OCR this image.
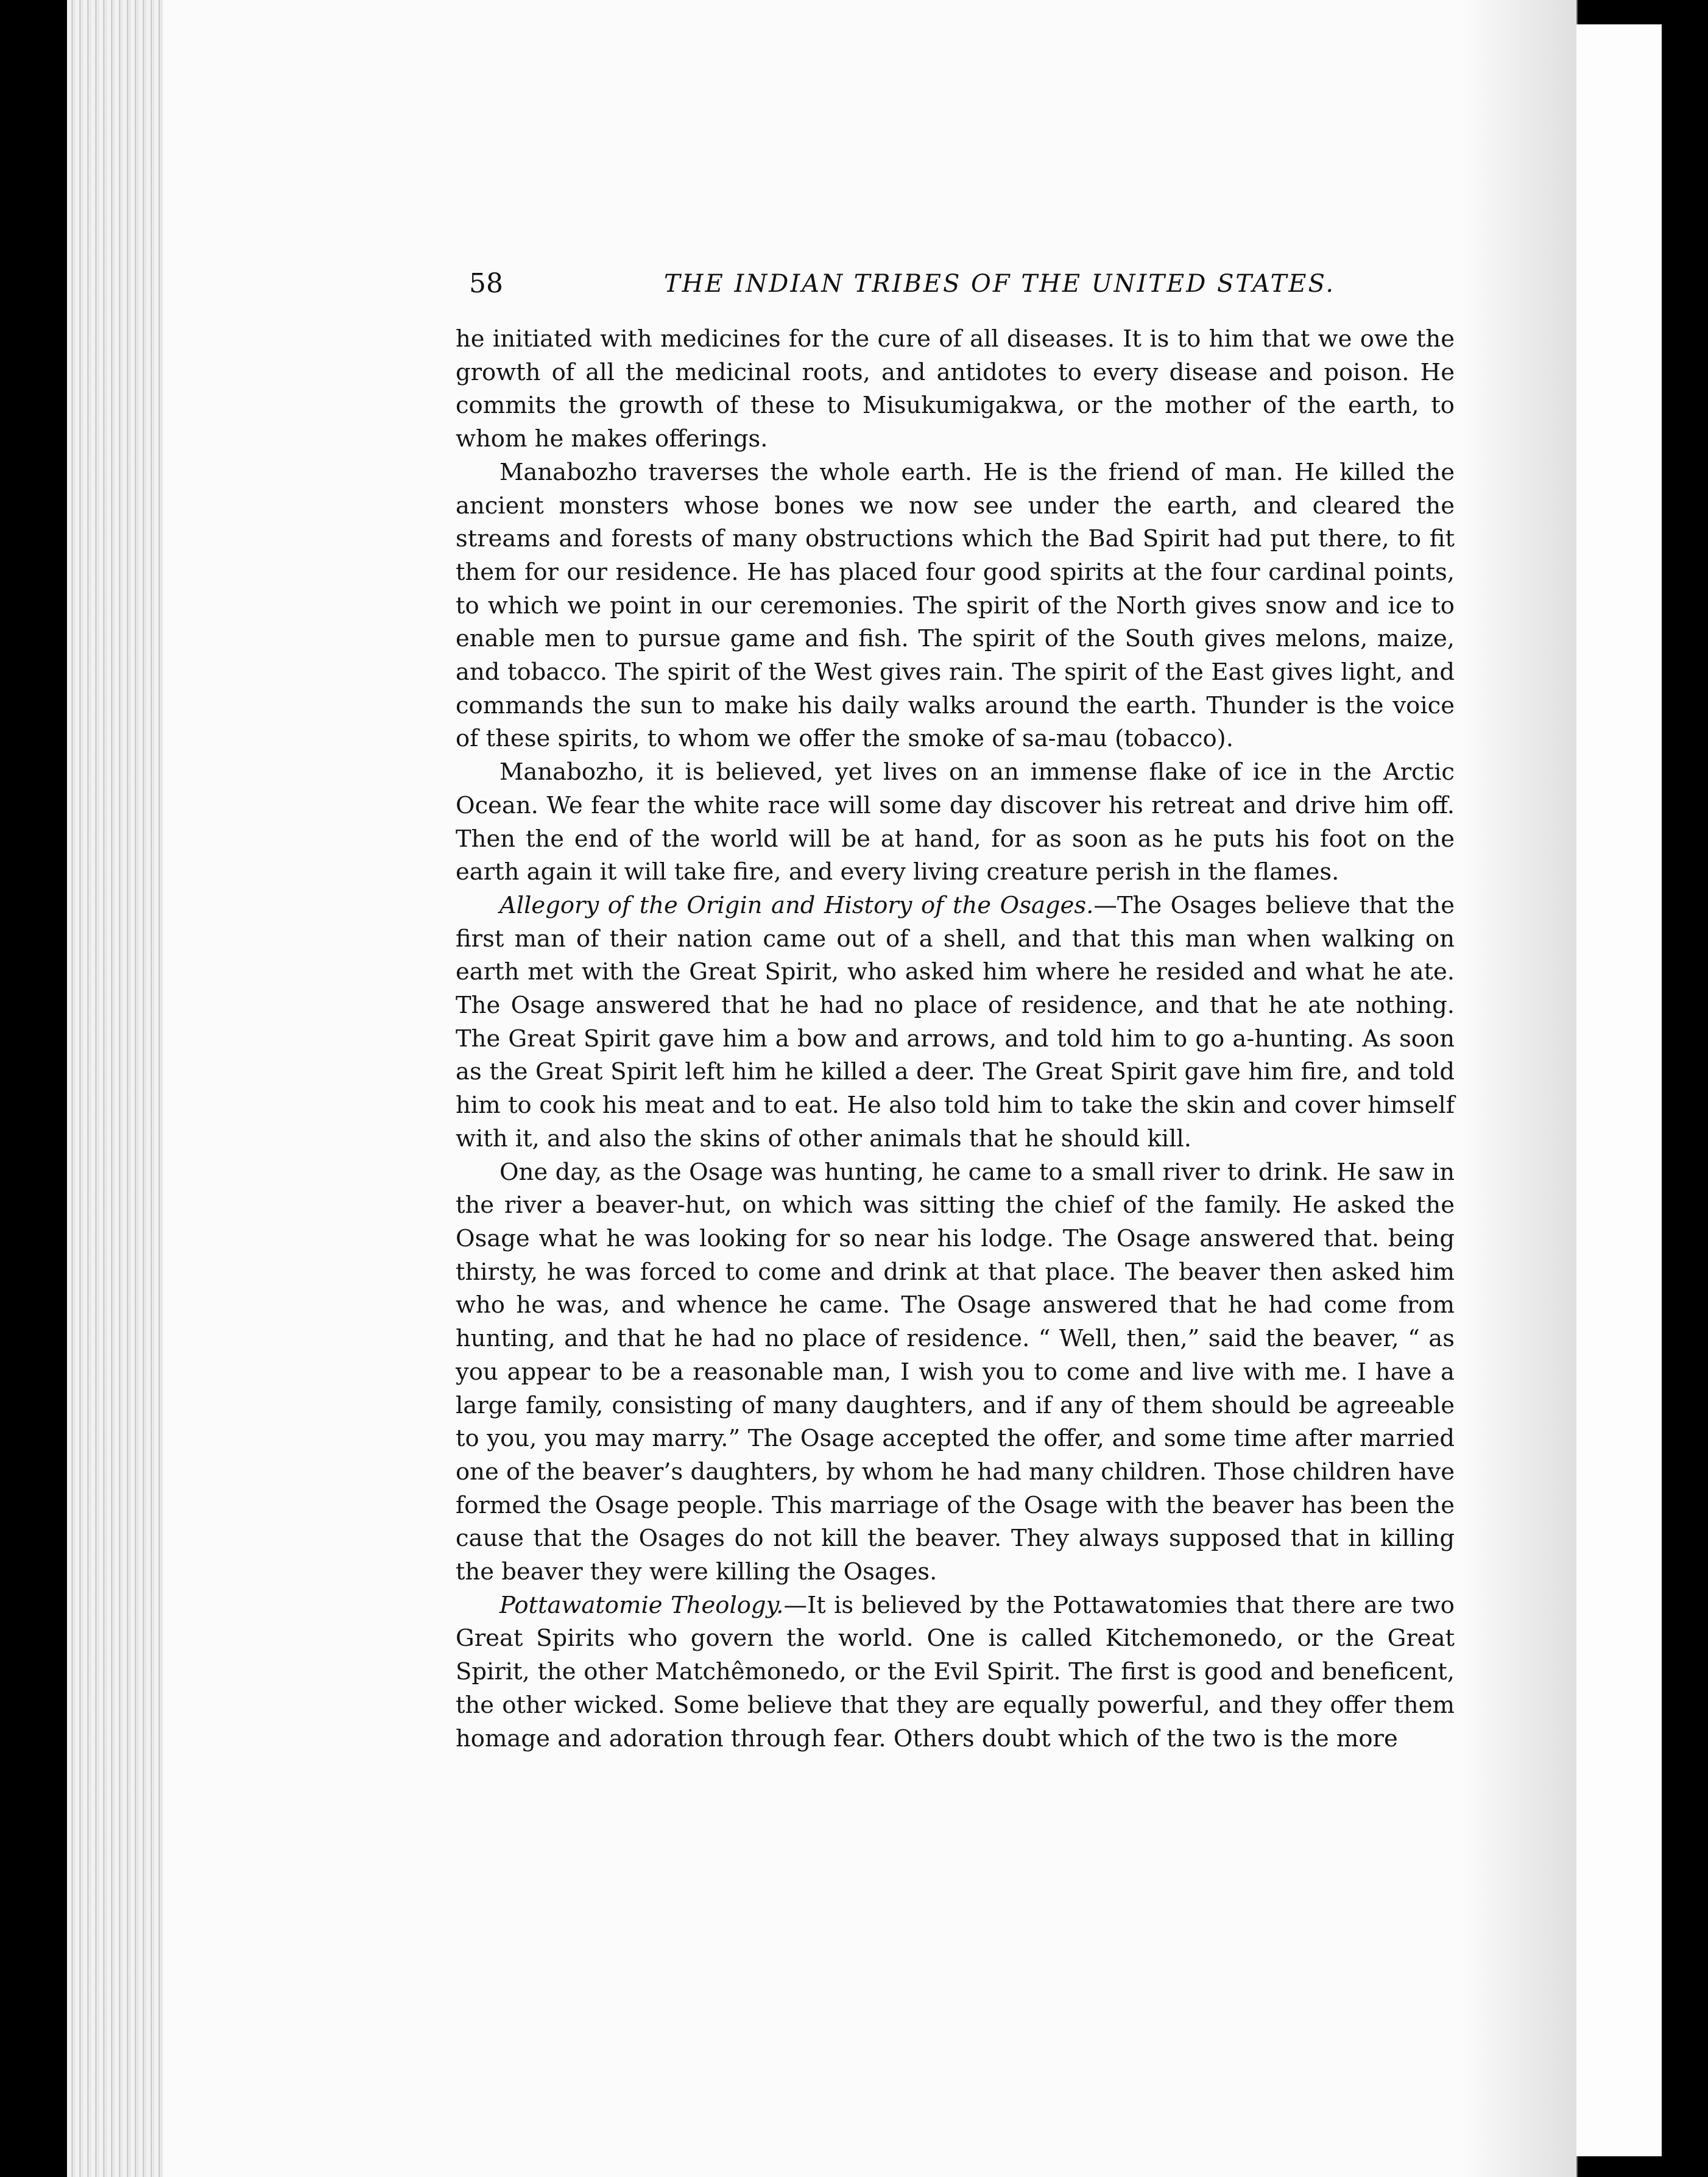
58	THE INDIAN TRIBES OF THE UNITED STATES.

he initiated with medicines for the cure of all diseases. It is to him that we owe the growth of all the medicinal roots, and antidotes to every disease and poison. He commits the growth of these to Misukumigakwa, or the mother of the earth, to whom he makes offerings.

Manabozho traverses the whole earth. He is the friend of man. He killed the ancient monsters whose bones we now see under the earth, and cleared the streams and forests of many obstructions which the Bad Spirit had put there, to fit them for our residence. He has placed four good spirits at the four cardinal points, to which we point in our ceremonies. The spirit of the North gives snow and ice to enable men to pursue game and fish. The spirit of the South gives melons, maize, and tobacco. The spirit of the West gives rain. The spirit of the East gives light, and commands the sun to make his daily walks around the earth. Thunder is the voice of these spirits, to whom we offer the smoke of sa-mau (tobacco).

Manabozho, it is believed, yet lives on an immense flake of ice in the Arctic Ocean. We fear the white race will some day discover his retreat and drive him off. Then the end of the world will be at hand, for as soon as he puts his foot on the earth again it will take fire, and every living creature perish in the flames.

Allegory of the Origin and History of the Osages.—The Osages believe that the first man of their nation came out of a shell, and that this man when walking on earth met with the Great Spirit, who asked him where he resided and what he ate. The Osage answered that he had no place of residence, and that he ate nothing. The Great Spirit gave him a bow and arrows, and told him to go a-hunting. As soon as the Great Spirit left him he killed a deer. The Great Spirit gave him fire, and told him to cook his meat and to eat. He also told him to take the skin and cover himself with it, and also the skins of other animals that he should kill.

One day, as the Osage was hunting, he came to a small river to drink. He saw in the river a beaver-hut, on which was sitting the chief of the family. He asked the Osage what he was looking for so near his lodge. The Osage answered that. being thirsty, he was forced to come and drink at that place. The beaver then asked him who he was, and whence he came. The Osage answered that he had come from hunting, and that he had no place of residence. “ Well, then,” said the beaver, “ as you appear to be a reasonable man, I wish you to come and live with me. I have a large family, consisting of many daughters, and if any of them should be agreeable to you, you may marry.” The Osage accepted the offer, and some time after married one of the beaver’s daughters, by whom he had many children. Those children have formed the Osage people. This marriage of the Osage with the beaver has been the cause that the Osages do not kill the beaver. They always supposed that in killing the beaver they were killing the Osages.

Pottawatomie Theology.—It is believed by the Pottawatomies that there are two Great Spirits who govern the world. One is called Kitchemonedo, or the Great Spirit, the other Matchêmonedo, or the Evil Spirit. The first is good and beneficent, the other wicked. Some believe that they are equally powerful, and they offer them homage and adoration through fear. Others doubt which of the two is the more
